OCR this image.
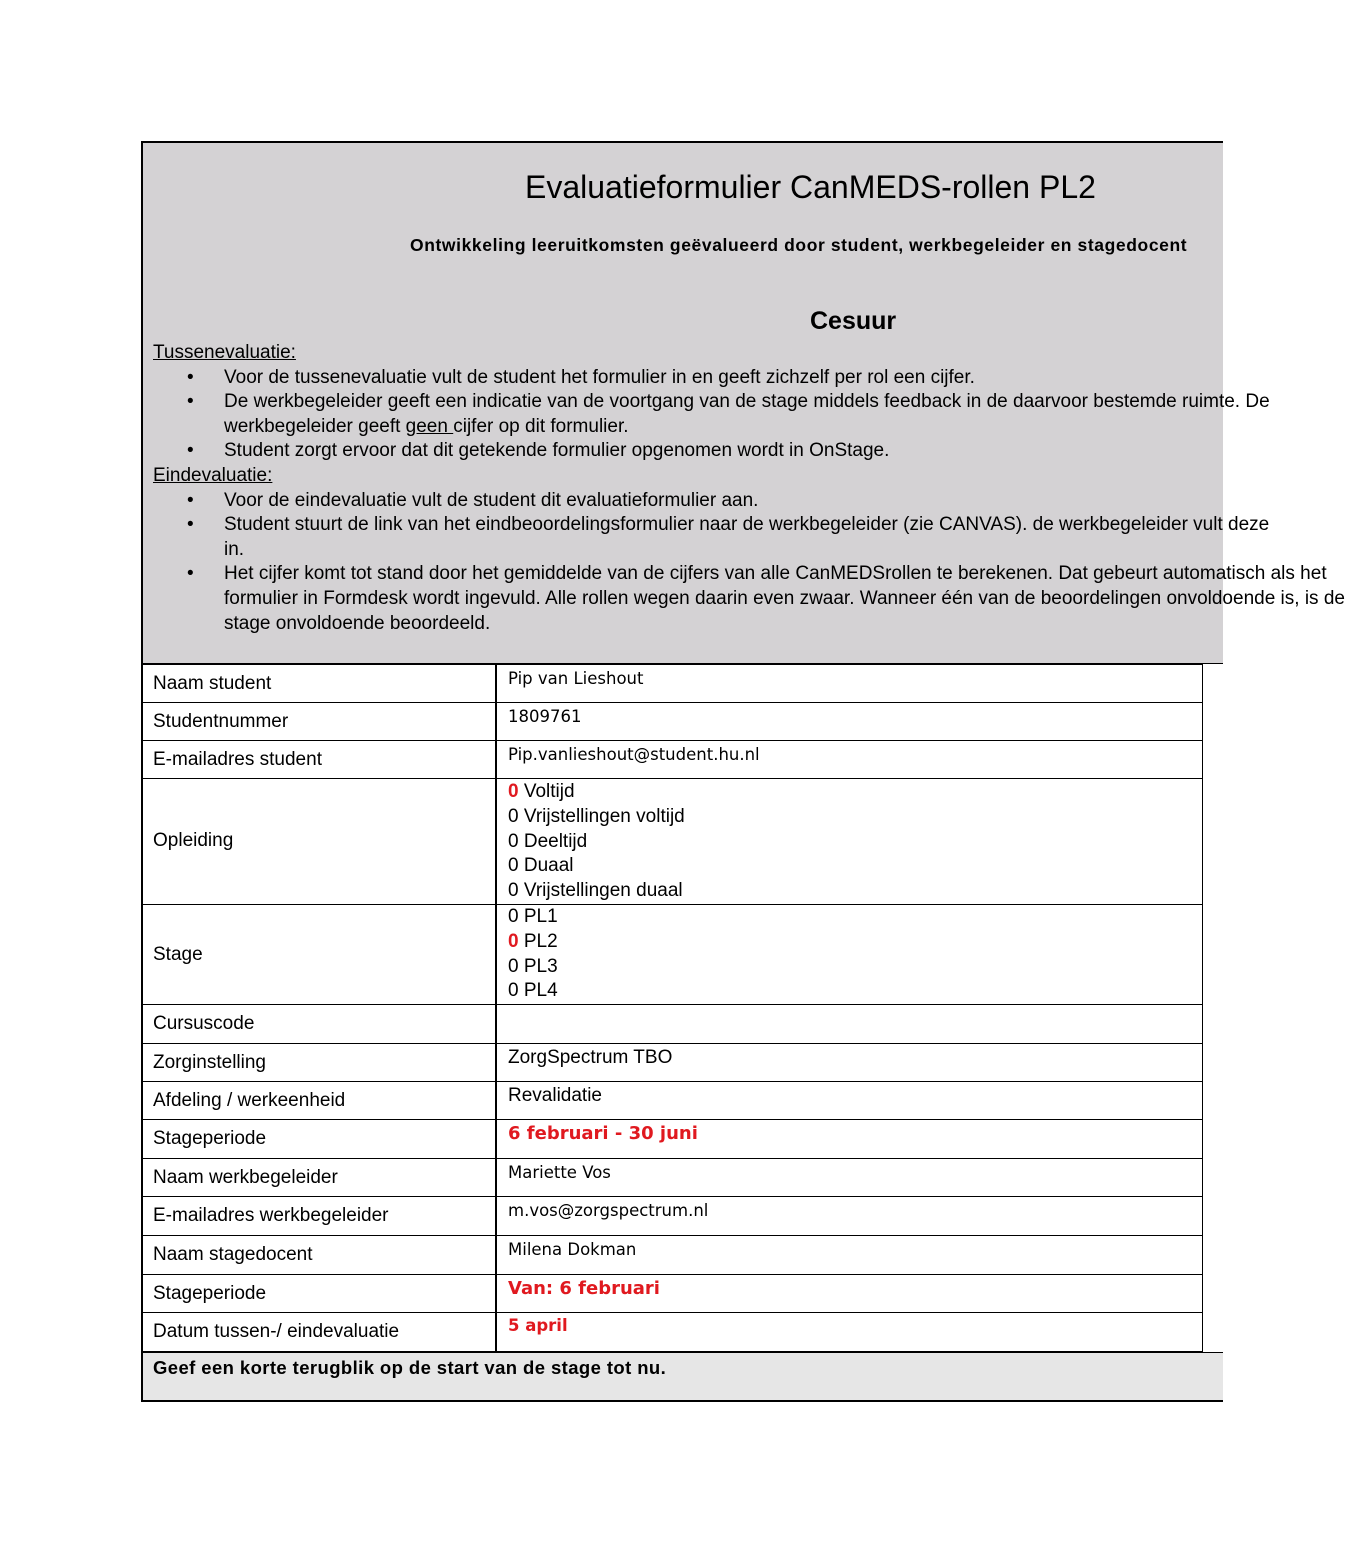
Evaluatieformulier CanMEDS-rollen PL2
Ontwikkeling leeruitkomsten geëvalueerd door student, werkbegeleider en stagedocent
Cesuur
Tussenevaluatie:
• Voor de tussenevaluatie vult de student het formulier in en geeft zichzelf per rol een cijfer.
• De werkbegeleider geeft een indicatie van de voortgang van de stage middels feedback in de daarvoor bestemde ruimte. De
werkbegeleider geeft geen cijfer op dit formulier.
• Student zorgt ervoor dat dit getekende formulier opgenomen wordt in OnStage.
Eindevaluatie:
• Voor de eindevaluatie vult de student dit evaluatieformulier aan.
• Student stuurt de link van het eindbeoordelingsformulier naar de werkbegeleider (zie CANVAS). de werkbegeleider vult deze
in.
• Het cijfer komt tot stand door het gemiddelde van de cijfers van alle CanMEDSrollen te berekenen. Dat gebeurt automatisch als het
formulier in Formdesk wordt ingevuld. Alle rollen wegen daarin even zwaar. Wanneer één van de beoordelingen onvoldoende is, is de
stage onvoldoende beoordeeld.
Naam student	Pip van Lieshout

Studentnummer	1809761

E-mailadres student	Pip.vanlieshout@student.hu.nl

Opleiding	0 Voltijd
0 Vrijstellingen voltijd
0 Deeltijd
0 Duaal
0 Vrijstellingen duaal

Stage	0 PL1
0 PL2
0 PL3
0 PL4

Cursuscode	

Zorginstelling	ZorgSpectrum TBO

Afdeling / werkeenheid	Revalidatie

Stageperiode	6 februari - 30 juni

Naam werkbegeleider	Mariette Vos

E-mailadres werkbegeleider	m.vos@zorgspectrum.nl

Naam stagedocent	Milena Dokman

Stageperiode	Van: 6 februari

Datum tussen-/ eindevaluatie	5 april
Geef een korte terugblik op de start van de stage tot nu.
